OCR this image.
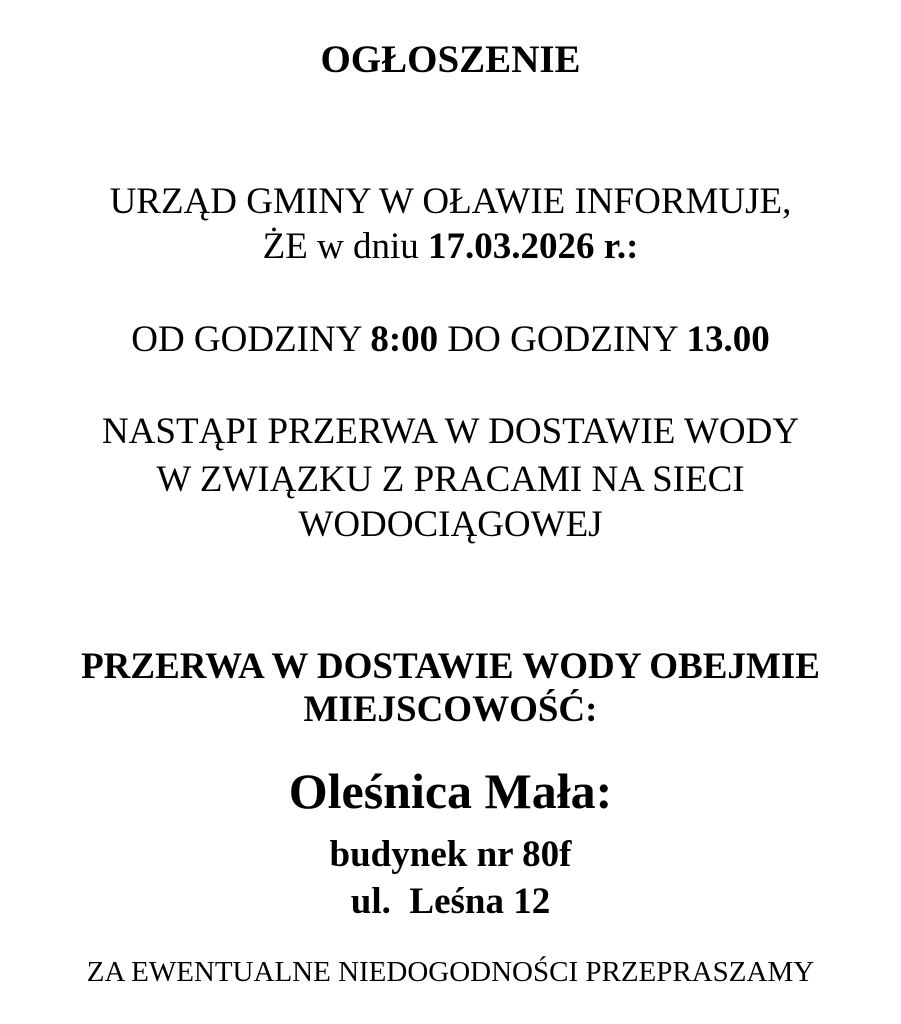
OGŁOSZENIE
URZĄD GMINY W OŁAWIE INFORMUJE,
ŻE w dniu 17.03.2026 r.:
OD GODZINY 8:00 DO GODZINY 13.00
NASTĄPI PRZERWA W DOSTAWIE WODY
W ZWIĄZKU Z PRACAMI NA SIECI
WODOCIĄGOWEJ
PRZERWA W DOSTAWIE WODY OBEJMIE
MIEJSCOWOŚĆ:
Oleśnica Mała:
budynek nr 80f
ul.  Leśna 12
ZA EWENTUALNE NIEDOGODNOŚCI PRZEPRASZAMY
